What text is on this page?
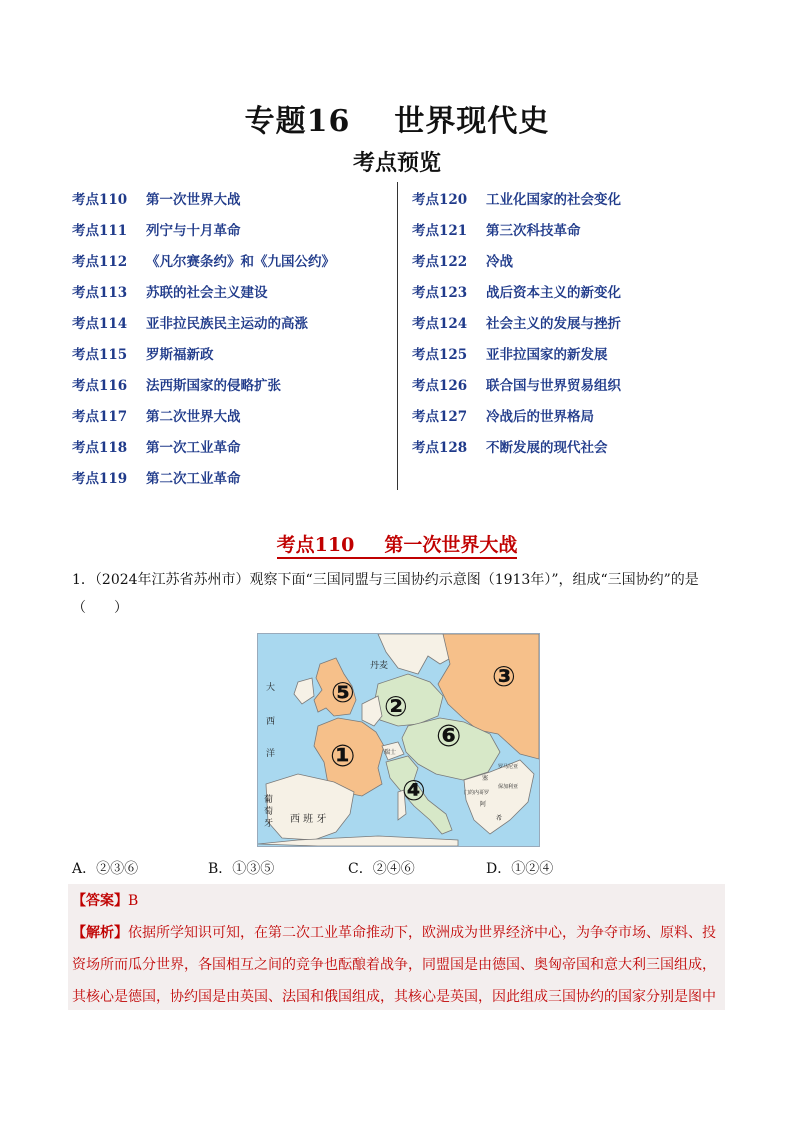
专题16 世界现代史
考点预览
考点110	第一次世界大战
考点111	列宁与十月革命
考点112	《凡尔赛条约》和《九国公约》
考点113	苏联的社会主义建设
考点114	亚非拉民族民主运动的高涨
考点115	罗斯福新政
考点116	法西斯国家的侵略扩张
考点117	第二次世界大战
考点118	第一次工业革命
考点119	第二次工业革命
考点120	工业化国家的社会变化
考点121	第三次科技革命
考点122	冷战
考点123	战后资本主义的新变化
考点124	社会主义的发展与挫折
考点125	亚非拉国家的新发展
考点126	联合国与世界贸易组织
考点127	冷战后的世界格局
考点128	不断发展的现代社会
考点110 第一次世界大战
1．（2024年江苏省苏州市）观察下面“三国同盟与三国协约示意图（1913年）”，组成“三国协约”的是（　　）
丹麦
大
西
洋
葡
萄
牙 西 班 牙
瑞士
罗马尼亚
塞
保加利亚
门的内哥罗
阿
希
⑤ ②
③
①
⑥
④
A．②③⑥	B．①③⑤	C．②④⑥	D．①②④
【答案】B
【解析】依据所学知识可知，在第二次工业革命推动下，欧洲成为世界经济中心，为争夺市场、原料、投
资场所而瓜分世界，各国相互之间的竞争也酝酿着战争，同盟国是由德国、奥匈帝国和意大利三国组成，
其核心是德国，协约国是由英国、法国和俄国组成，其核心是英国，因此组成三国协约的国家分别是图中
